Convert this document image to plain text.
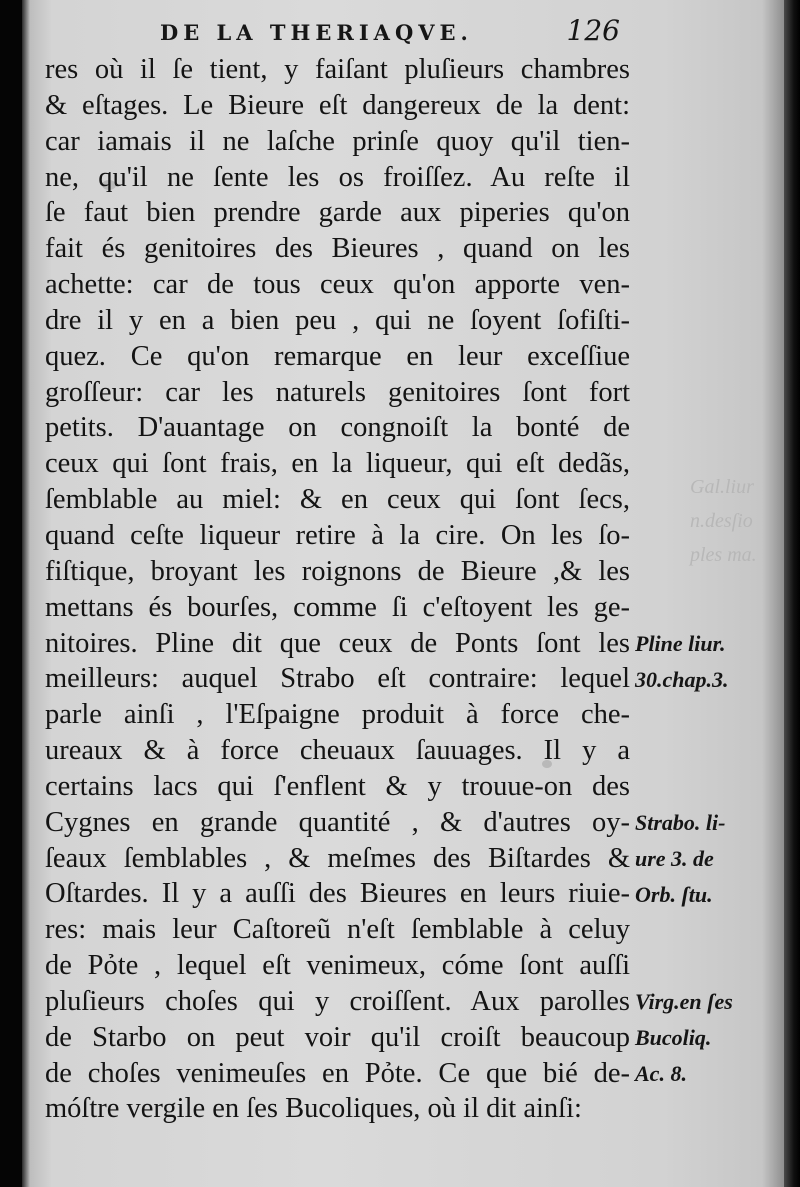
DE LA THERIAQVE.	126
Gal.liur
n.desſio
ples ma.
res où il ſe tient, y faiſant pluſieurs chambres
& eſtages. Le Bieure eſt dangereux de la dent:
car iamais il ne laſche prinſe quoy qu'il tien-
ne, qu'il ne ſente les os froiſſez. Au reſte il
ſe faut bien prendre garde aux piperies qu'on
fait és genitoires des Bieures , quand on les
achette: car de tous ceux qu'on apporte ven-
dre il y en a bien peu , qui ne ſoyent ſofiſti-
quez. Ce qu'on remarque en leur exceſſiue
groſſeur: car les naturels genitoires ſont fort
petits. D'auantage on congnoiſt la bonté de
ceux qui ſont frais, en la liqueur, qui eſt dedãs,
ſemblable au miel: & en ceux qui ſont ſecs,
quand ceſte liqueur retire à la cire. On les ſo-
fiſtique, broyant les roignons de Bieure ,& les
mettans és bourſes, comme ſi c'eſtoyent les ge-
nitoires. Pline dit que ceux de Ponts ſont les
meilleurs: auquel Strabo eſt contraire: lequel
parle ainſi , l'Eſpaigne produit à force che-
ureaux & à force cheuaux ſauuages. Il y a
certains lacs qui ſ'enflent & y trouue-on des
Cygnes en grande quantité , & d'autres oy-
ſeaux ſemblables , & meſmes des Biſtardes &
Oſtardes. Il y a auſſi des Bieures en leurs riuie-
res: mais leur Caſtoreũ n'eſt ſemblable à celuy
de Pỏte , lequel eſt venimeux, cóme ſont auſſi
pluſieurs choſes qui y croiſſent. Aux parolles
de Starbo on peut voir qu'il croiſt beaucoup
de choſes venimeuſes en Pỏte. Ce que bié de-
móſtre vergile en ſes Bucoliques, où il dit ainſi:
Pline liur.
30.chap.3.
Strabo. li-
ure 3. de
Orb. ſtu.
Virg.en ſes
Bucoliq.
Ac. 8.
